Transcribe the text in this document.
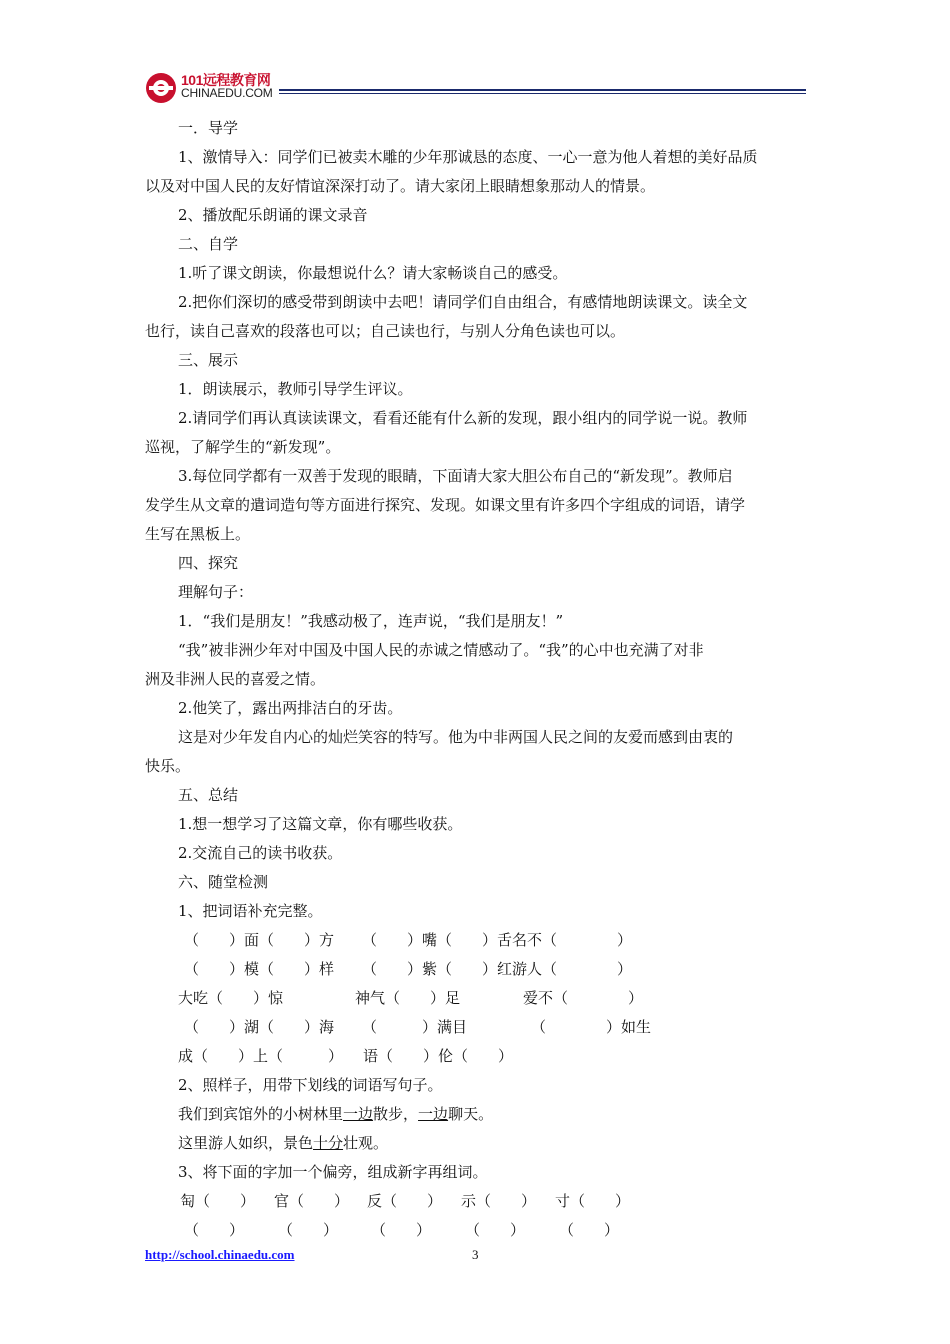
101远程教育网
CHINAEDU.COM
一．导学
1、激情导入：同学们已被卖木雕的少年那诚恳的态度、一心一意为他人着想的美好品质
以及对中国人民的友好情谊深深打动了。请大家闭上眼睛想象那动人的情景。
2、播放配乐朗诵的课文录音
二、自学
1.听了课文朗读，你最想说什么？请大家畅谈自己的感受。
2.把你们深切的感受带到朗读中去吧！请同学们自由组合，有感情地朗读课文。读全文
也行，读自己喜欢的段落也可以；自己读也行，与别人分角色读也可以。
三、展示
1．朗读展示，教师引导学生评议。
2.请同学们再认真读读课文，看看还能有什么新的发现，跟小组内的同学说一说。教师
巡视，了解学生的“新发现”。
3.每位同学都有一双善于发现的眼睛，下面请大家大胆公布自己的“新发现”。教师启
发学生从文章的遣词造句等方面进行探究、发现。如课文里有许多四个字组成的词语，请学
生写在黑板上。
四、探究
理解句子：
1．“我们是朋友！”我感动极了，连声说，“我们是朋友！”
“我”被非洲少年对中国及中国人民的赤诚之情感动了。“我”的心中也充满了对非
洲及非洲人民的喜爱之情。
2.他笑了，露出两排洁白的牙齿。
这是对少年发自内心的灿烂笑容的特写。他为中非两国人民之间的友爱而感到由衷的
快乐。
五、总结
1.想一想学习了这篇文章，你有哪些收获。
2.交流自己的读书收获。
六、随堂检测
1、把词语补充完整。
（　　）面（　　）方 （　　）嘴（　　）舌名不（　　　　）
（　　）模（　　）样 （　　）紫（　　）红游人（　　　　）
大吃（　　）惊	神气（　　）足	爱不（　　　　）
（　　）湖（　　）海 （　　　）满目	（　　　　）如生
成（　　）上（　　　） 语（　　）伦（　　）
2、照样子，用带下划线的词语写句子。
我们到宾馆外的小树林里一边散步，一边聊天。
这里游人如织，景色十分壮观。
3、将下面的字加一个偏旁，组成新字再组词。
匋（　　） 官（　　） 反（　　） 示（　　） 寸（　　）
（　　） （　　） （　　） （　　） （　　）
http://school.chinaedu.com	3
